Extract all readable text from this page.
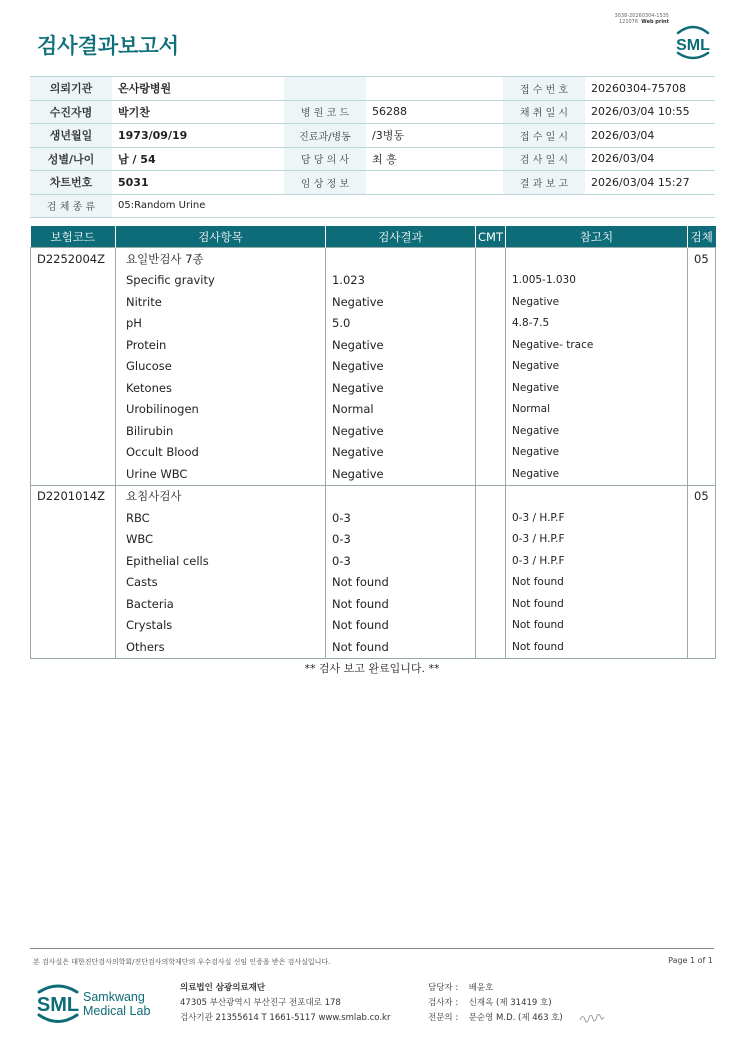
검사결과보고서
3038-20260304-1535
121076 Web print
SML
의뢰기관	온사랑병원			접 수 번 호	20260304-75708
수진자명	박기찬	병 원 코 드	56288	채 취 일 시	2026/03/04 10:55
생년월일	1973/09/19	진료과/병동	/3병동	접 수 일 시	2026/03/04
성별/나이	남 / 54	담 당 의 사	최 흥	검 사 일 시	2026/03/04
차트번호	5031	임 상 정 보		결 과 보 고	2026/03/04 15:27
검 체 종 류	05:Random Urine				
보험코드	검사항목	검사결과	CMT	참고치	검체
D2252004Z	요일반검사 7종				05
	Specific gravity	1.023		1.005-1.030	
	Nitrite	Negative		Negative	
	pH	5.0		4.8-7.5	
	Protein	Negative		Negative- trace	
	Glucose	Negative		Negative	
	Ketones	Negative		Negative	
	Urobilinogen	Normal		Normal	
	Bilirubin	Negative		Negative	
	Occult Blood	Negative		Negative	
	Urine WBC	Negative		Negative	
D2201014Z	요침사검사				05
	RBC	0-3		0-3 / H.P.F	
	WBC	0-3		0-3 / H.P.F	
	Epithelial cells	0-3		0-3 / H.P.F	
	Casts	Not found		Not found	
	Bacteria	Not found		Not found	
	Crystals	Not found		Not found	
	Others	Not found		Not found	
** 검사 보고 완료입니다. **
본 검사실은 대한진단검사의학회/진단검사의학재단의 우수검사실 신임 인증을 받은 검사실입니다.	Page 1 of 1
SML Samkwang
Medical Lab
의료법인 삼광의료재단
47305 부산광역시 부산진구 전포대로 178
검사기관 21355614 T 1661-5117 www.smlab.co.kr
담당자 : 배윤호
검사자 : 신재옥 (제 31419 호)
전문의 : 문순영 M.D. (제 463 호)
